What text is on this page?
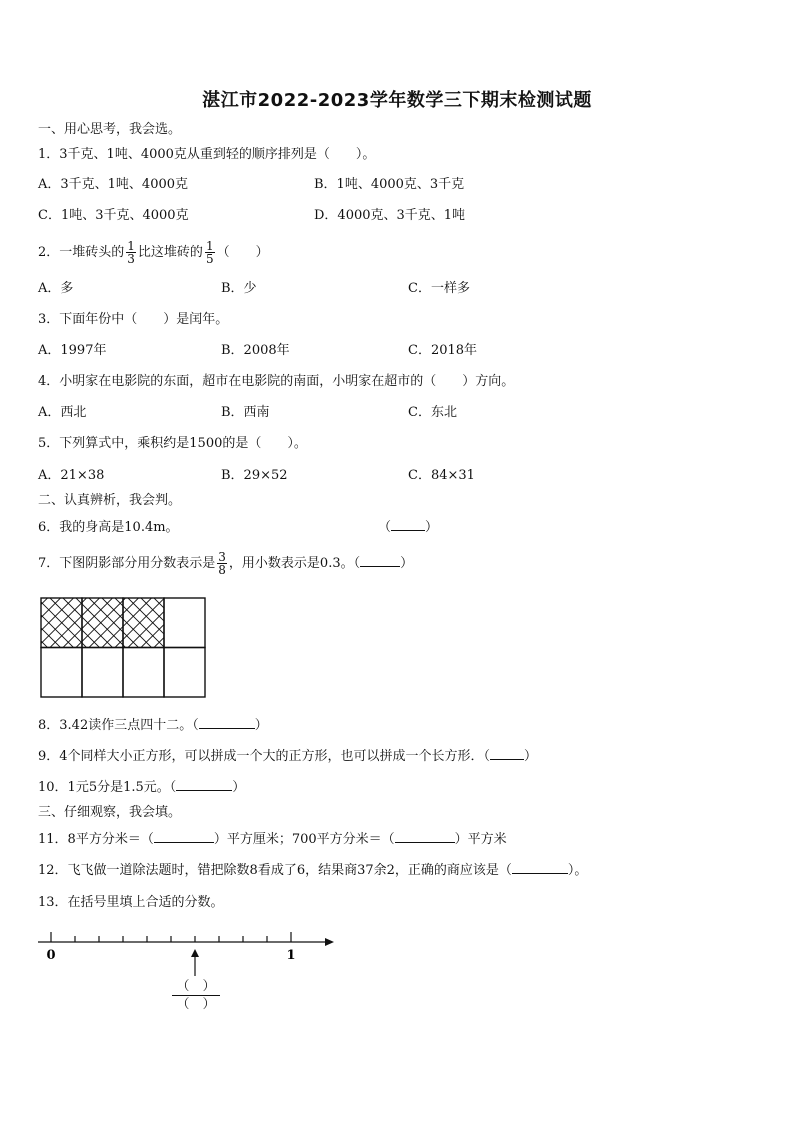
湛江市2022-2023学年数学三下期末检测试题
一、用心思考，我会选。
1．3千克、1吨、4000克从重到轻的顺序排列是（　　）。
A．3千克、1吨、4000克	B．1吨、4000克、3千克
C．1吨、3千克、4000克	D．4000克、3千克、1吨
2．一堆砖头的 $\frac{1}{3}$ 比这堆砖的 $\frac{1}{5}$ （　　）
A．多	B．少	C．一样多
3．下面年份中（　　）是闰年。
A．1997年	B．2008年	C．2018年
4．小明家在电影院的东面，超市在电影院的南面，小明家在超市的（　　）方向。
A．西北	B．西南	C．东北
5．下列算式中，乘积约是1500的是（　　）。
A．21×38	B．29×52	C．84×31
二、认真辨析，我会判。
6．我的身高是10.4m。	（	）
7．下图阴影部分用分数表示是 $\frac{3}{8}$ ，用小数表示是0.3。（	）
8．3.42读作三点四十二。（	）
9．4个同样大小正方形，可以拼成一个大的正方形，也可以拼成一个长方形．（	）
10．1元5分是1.5元。（	）
三、仔细观察，我会填。
11．8平方分米＝（	）平方厘米；700平方分米＝（	）平方米
12．飞飞做一道除法题时，错把除数8看成了6，结果商37余2，正确的商应该是（	）。
13．在括号里填上合适的分数。
0	1
（　）
（　）
